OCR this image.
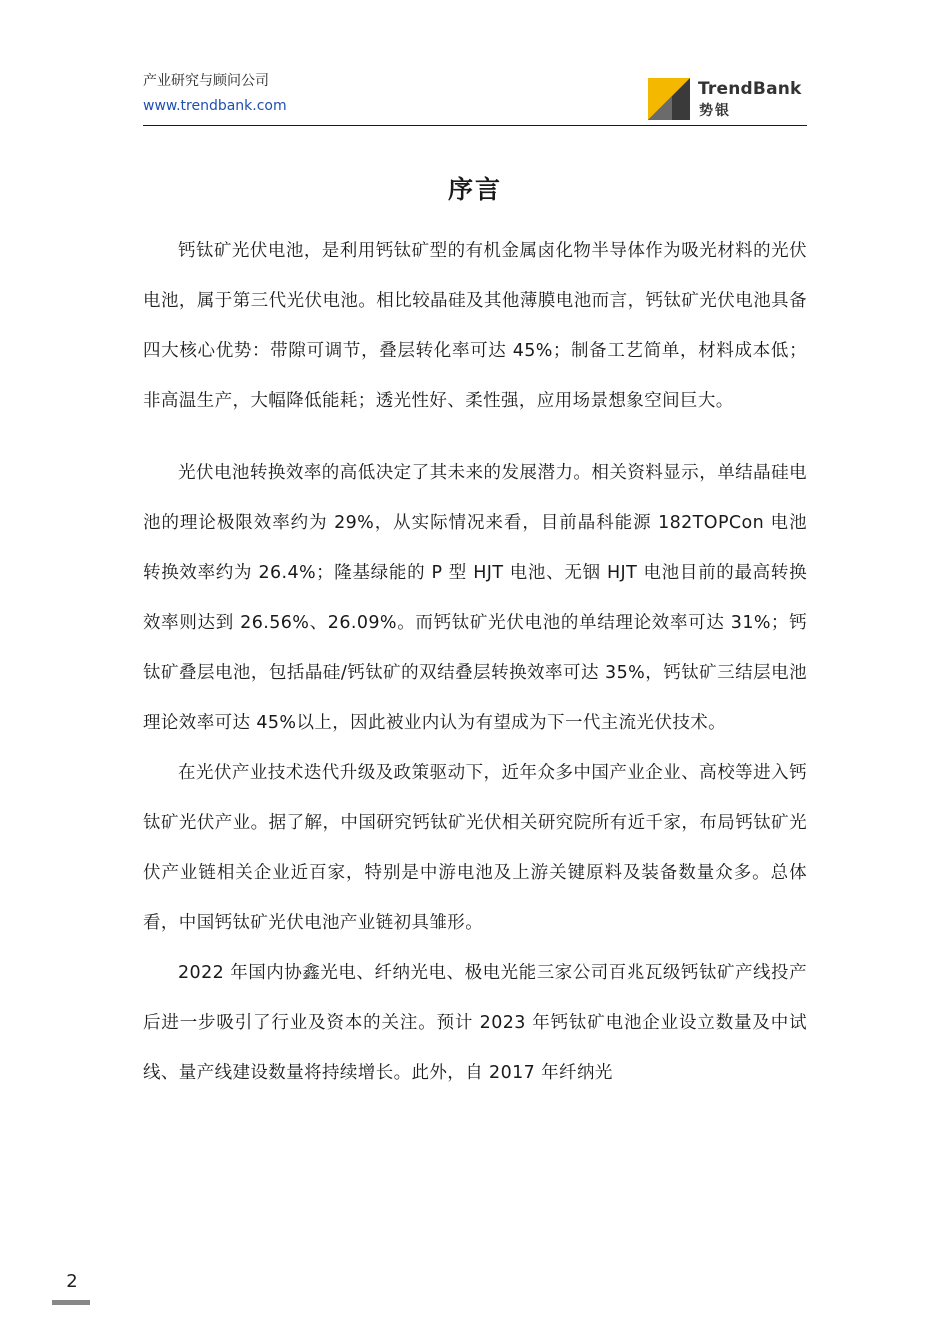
产业研究与顾问公司
www.trendbank.com
TrendBank
势银
序言

钙钛矿光伏电池，是利用钙钛矿型的有机金属卤化物半导体作为吸光材料的光伏电池，属于第三代光伏电池。相比较晶硅及其他薄膜电池而言，钙钛矿光伏电池具备四大核心优势：带隙可调节，叠层转化率可达 45%；制备工艺简单，材料成本低；非高温生产，大幅降低能耗；透光性好、柔性强，应用场景想象空间巨大。

光伏电池转换效率的高低决定了其未来的发展潜力。相关资料显示，单结晶硅电池的理论极限效率约为 29%，从实际情况来看，目前晶科能源 182TOPCon 电池转换效率约为 26.4%；隆基绿能的 P 型 HJT 电池、无铟 HJT 电池目前的最高转换效率则达到 26.56%、26.09%。而钙钛矿光伏电池的单结理论效率可达 31%；钙钛矿叠层电池，包括晶硅/钙钛矿的双结叠层转换效率可达 35%，钙钛矿三结层电池理论效率可达 45%以上，因此被业内认为有望成为下一代主流光伏技术。

在光伏产业技术迭代升级及政策驱动下，近年众多中国产业企业、高校等进入钙钛矿光伏产业。据了解，中国研究钙钛矿光伏相关研究院所有近千家，布局钙钛矿光伏产业链相关企业近百家，特别是中游电池及上游关键原料及装备数量众多。总体看，中国钙钛矿光伏电池产业链初具雏形。

2022 年国内协鑫光电、纤纳光电、极电光能三家公司百兆瓦级钙钛矿产线投产后进一步吸引了行业及资本的关注。预计 2023 年钙钛矿电池企业设立数量及中试线、量产线建设数量将持续增长。此外，自 2017 年纤纳光

2
